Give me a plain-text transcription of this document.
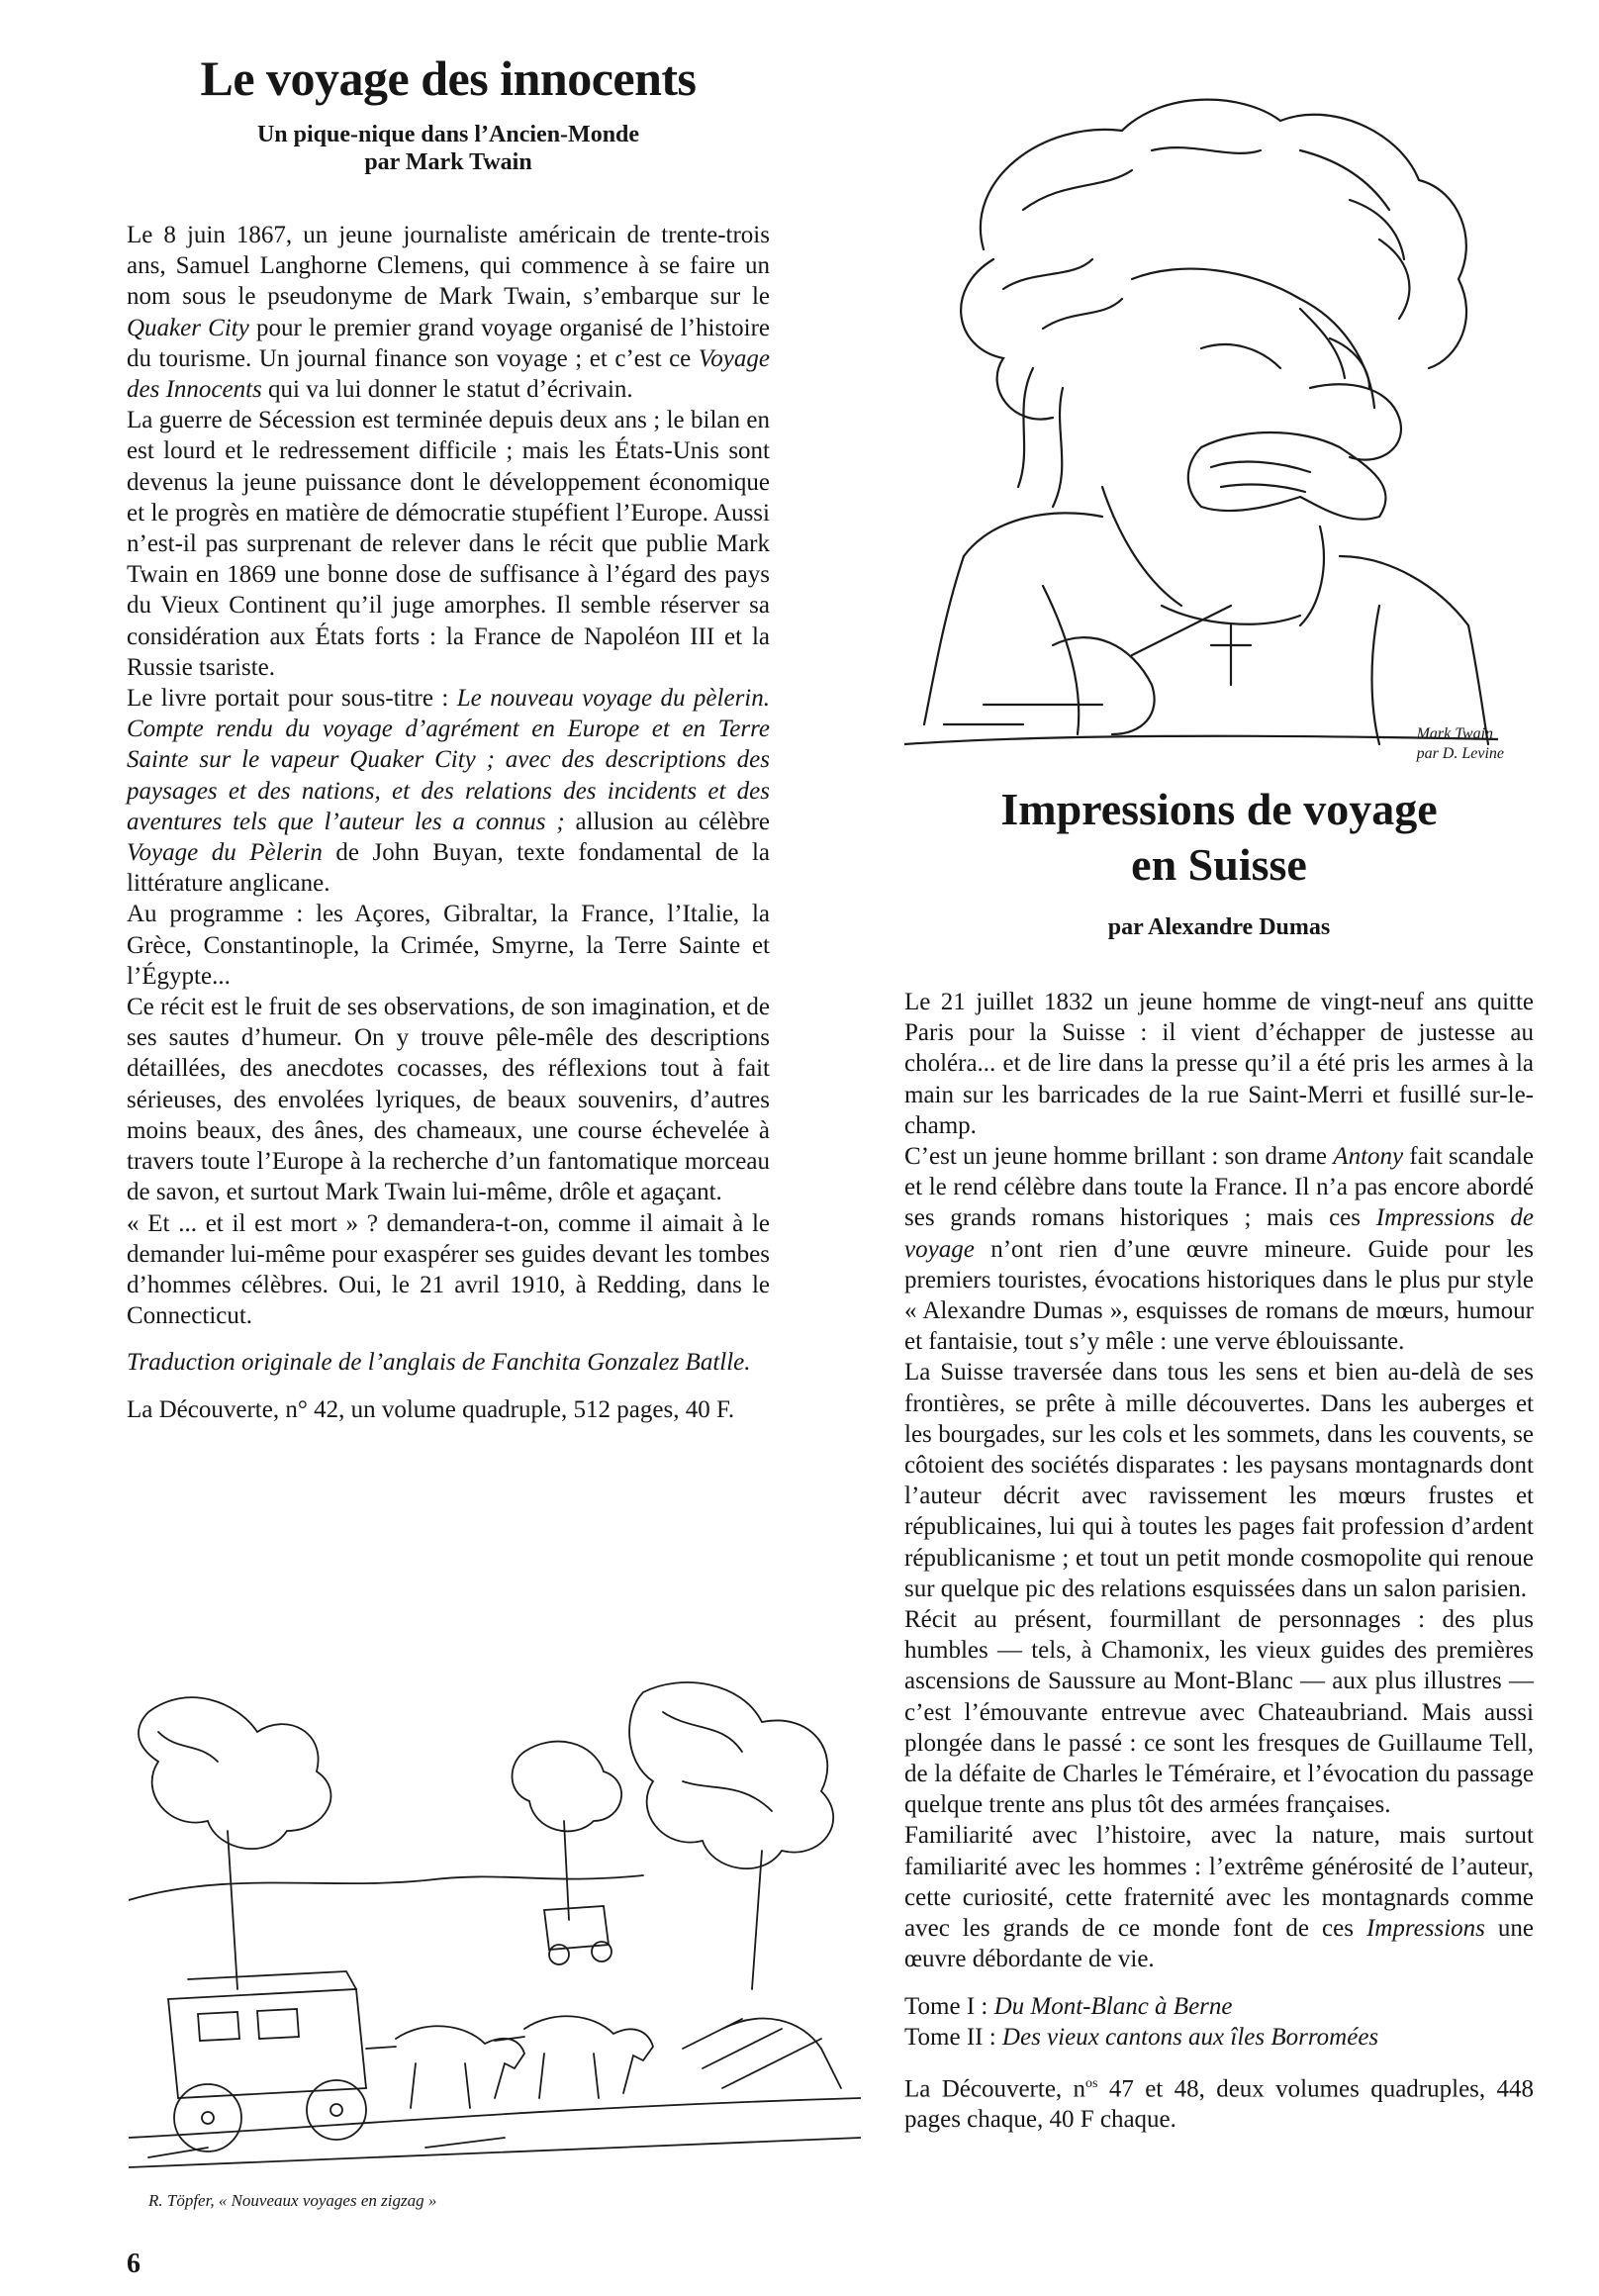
Le voyage des innocents
Un pique-nique dans l’Ancien-Monde
par Mark Twain

Le 8 juin 1867, un jeune journaliste américain de trente-trois ans, Samuel Langhorne Clemens, qui commence à se faire un nom sous le pseudonyme de Mark Twain, s’embarque sur le Quaker City pour le premier grand voyage organisé de l’histoire du tourisme. Un journal finance son voyage ; et c’est ce Voyage des Innocents qui va lui donner le statut d’écrivain.

La guerre de Sécession est terminée depuis deux ans ; le bilan en est lourd et le redressement difficile ; mais les États-Unis sont devenus la jeune puissance dont le développement économique et le progrès en matière de démocratie stupéfient l’Europe. Aussi n’est-il pas surprenant de relever dans le récit que publie Mark Twain en 1869 une bonne dose de suffisance à l’égard des pays du Vieux Continent qu’il juge amorphes. Il semble réserver sa considération aux États forts : la France de Napoléon III et la Russie tsariste.

Le livre portait pour sous-titre : Le nouveau voyage du pèlerin. Compte rendu du voyage d’agrément en Europe et en Terre Sainte sur le vapeur Quaker City ; avec des descriptions des paysages et des nations, et des relations des incidents et des aventures tels que l’auteur les a connus ; allusion au célèbre Voyage du Pèlerin de John Buyan, texte fondamental de la littérature anglicane.

Au programme : les Açores, Gibraltar, la France, l’Italie, la Grèce, Constantinople, la Crimée, Smyrne, la Terre Sainte et l’Égypte...

Ce récit est le fruit de ses observations, de son imagination, et de ses sautes d’humeur. On y trouve pêle-mêle des descriptions détaillées, des anecdotes cocasses, des réflexions tout à fait sérieuses, des envolées lyriques, de beaux souvenirs, d’autres moins beaux, des ânes, des chameaux, une course échevelée à travers toute l’Europe à la recherche d’un fantomatique morceau de savon, et surtout Mark Twain lui-même, drôle et agaçant.

« Et ... et il est mort » ? demandera-t-on, comme il aimait à le demander lui-même pour exaspérer ses guides devant les tombes d’hommes célèbres. Oui, le 21 avril 1910, à Redding, dans le Connecticut.

Traduction originale de l’anglais de Fanchita Gonzalez Batlle.

La Découverte, n° 42, un volume quadruple, 512 pages, 40 F.

Mark Twain
par D. Levine
Impressions de voyage
en Suisse
par Alexandre Dumas

Le 21 juillet 1832 un jeune homme de vingt-neuf ans quitte Paris pour la Suisse : il vient d’échapper de justesse au choléra... et de lire dans la presse qu’il a été pris les armes à la main sur les barricades de la rue Saint-Merri et fusillé sur-le-champ.

C’est un jeune homme brillant : son drame Antony fait scandale et le rend célèbre dans toute la France. Il n’a pas encore abordé ses grands romans historiques ; mais ces Impressions de voyage n’ont rien d’une œuvre mineure. Guide pour les premiers touristes, évocations historiques dans le plus pur style « Alexandre Dumas », esquisses de romans de mœurs, humour et fantaisie, tout s’y mêle : une verve éblouissante.

La Suisse traversée dans tous les sens et bien au-delà de ses frontières, se prête à mille découvertes. Dans les auberges et les bourgades, sur les cols et les sommets, dans les couvents, se côtoient des sociétés disparates : les paysans montagnards dont l’auteur décrit avec ravissement les mœurs frustes et républicaines, lui qui à toutes les pages fait profession d’ardent républicanisme ; et tout un petit monde cosmopolite qui renoue sur quelque pic des relations esquissées dans un salon parisien.

Récit au présent, fourmillant de personnages : des plus humbles — tels, à Chamonix, les vieux guides des premières ascensions de Saussure au Mont-Blanc — aux plus illustres — c’est l’émouvante entrevue avec Chateaubriand. Mais aussi plongée dans le passé : ce sont les fresques de Guillaume Tell, de la défaite de Charles le Téméraire, et l’évocation du passage quelque trente ans plus tôt des armées françaises.

Familiarité avec l’histoire, avec la nature, mais surtout familiarité avec les hommes : l’extrême générosité de l’auteur, cette curiosité, cette fraternité avec les montagnards comme avec les grands de ce monde font de ces Impressions une œuvre débordante de vie.

Tome I : Du Mont-Blanc à Berne

Tome II : Des vieux cantons aux îles Borromées

La Découverte, $n^{os}$ 47 et 48, deux volumes quadruples, 448 pages chaque, 40 F chaque.

R. Töpfer, « Nouveaux voyages en zigzag »
6
